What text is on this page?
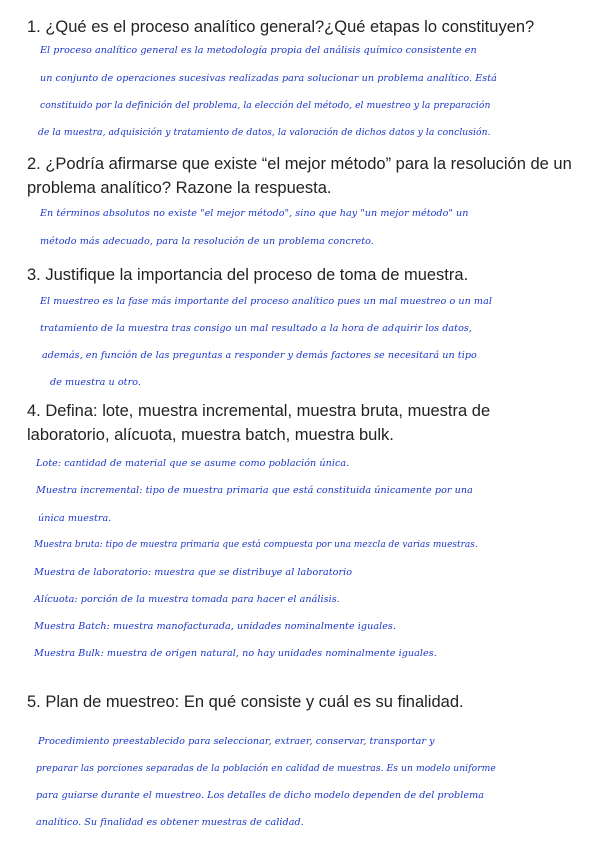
1. ¿Qué es el proceso analítico general?¿Qué etapas lo constituyen?

El proceso analítico general es la metodología propia del análisis químico consistente en

un conjunto de operaciones sucesivas realizadas para solucionar un problema analítico. Está

constituido por la definición del problema, la elección del método, el muestreo y la preparación

de la muestra, adquisición y tratamiento de datos, la valoración de dichos datos y la conclusión.

2. ¿Podría afirmarse que existe “el mejor método” para la resolución de un problema analítico? Razone la respuesta.

En términos absolutos no existe "el mejor método", sino que hay "un mejor método" un

método más adecuado, para la resolución de un problema concreto.

3. Justifique la importancia del proceso de toma de muestra.

El muestreo es la fase más importante del proceso analítico pues un mal muestreo o un mal

tratamiento de la muestra tras consigo un mal resultado a la hora de adquirir los datos,

además, en función de las preguntas a responder y demás factores se necesitará un tipo

de muestra u otro.

4. Defina: lote, muestra incremental, muestra bruta, muestra de laboratorio, alícuota, muestra batch, muestra bulk.

Lote: cantidad de material que se asume como población única.

Muestra incremental: tipo de muestra primaria que está constituida únicamente por una

única muestra.

Muestra bruta: tipo de muestra primaria que está compuesta por una mezcla de varias muestras.

Muestra de laboratorio: muestra que se distribuye al laboratorio

Alícuota: porción de la muestra tomada para hacer el análisis.

Muestra Batch: muestra manofacturada, unidades nominalmente iguales.

Muestra Bulk: muestra de origen natural, no hay unidades nominalmente iguales.

5. Plan de muestreo: En qué consiste y cuál es su finalidad.

Procedimiento preestablecido para seleccionar, extraer, conservar, transportar y

preparar las porciones separadas de la población en calidad de muestras. Es un modelo uniforme

para guiarse durante el muestreo. Los detalles de dicho modelo dependen de del problema

analítico. Su finalidad es obtener muestras de calidad.
